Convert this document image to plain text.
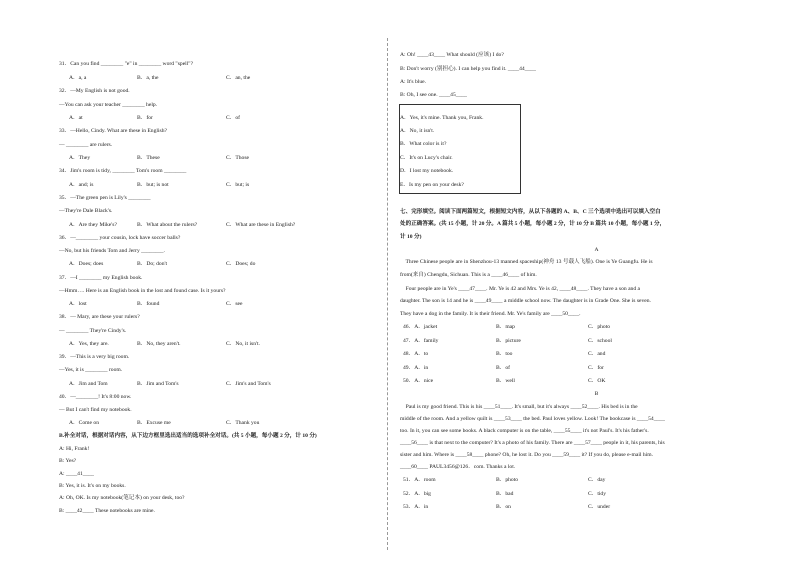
31．Can you find ________ "e" in ________ word "spell"?
A．a, a	B．a, the	C．an, the
32．—My English is not good.
—You can ask your teacher ________ help.
A．at	B．for	C．of
33．—Hello, Cindy. What are these in English?
— ________ are rulers.
A．They	B．These	C．Those
34．Jim's room is tidy, ________ Tom's room ________
A．and; is	B．but; is not	C．but; is
35．—The green pen is Lily's ________
—They're Dale Black's.
A．Are they Mike's?	B．What about the rulers?	C．What are these in English?
36．—________ your cousin, lock have soccer balls?
—No, but his friends Tom and Jerry ________.
A．Does; does	B．Do; don't	C．Does; do
37．—I ________ my English book.
—Hmm…. Here is an English book in the lost and found case. Is it yours?
A．lost	B．found	C．see
38．— Mary, are these your rulers?
— ________ They're Cindy's.
A．Yes, they are.	B．No, they aren't.	C．No, it isn't.
39．—This is a very big room.
—Yes, it is ________ room.
A．Jim and Tom	B．Jim and Tom's	C．Jim's and Tom's
40．—________! It's 8:00 now.
— But I can't find my notebook.
A．Come on	B．Excuse me	C．Thank you
B.补全对话，根据对话内容，从下边方框里选出适当的选项补全对话。(共 5 小题，每小题 2 分，计 10 分)
A: Hi, Frank!
B: Yes?
A: ____41____
B: Yes, it is. It's on my books.
A: Oh, OK. Is my notebook(笔记本) on your desk, too?
B: ____42____ These notebooks are mine.
A: Oh! ____43____ What should (应该) I do?
B: Don't worry (别担心). I can help you find it. ____44____
A: It's blue.
B: Oh, I see one. ____45____
A．Yes, it's mine. Thank you, Frank.
A．No, it isn't.
B．What color is it?
C．It's on Lucy's chair.
D．I lost my notebook.
E．Is my pen on your desk?
七、完形填空。阅读下面两篇短文，根据短文内容，从以下各题的 A、B、C 三个选项中选出可以填入空白
处的正确答案。(共 15 小题，计 20 分。A 篇共 5 小题，每小题 2 分，计 10 分 B 篇共 10 小题，每小题 1 分，
计 10 分)
A
Three Chinese people are in Shenzhou-13 manned spaceship(神舟 13 号载人飞船). One is Ye Guangfu. He is
from(来自) Chengdu, Sichuan. This is a ____46____ of him.
Four people are in Ye's ____47____. Mr. Ye is 42 and Mrs. Ye is 42, ____48____. They have a son and a
daughter. The son is 14 and he is ____49____ a middle school now. The daughter is in Grade One. She is seven.
They have a dog in the family. It is their friend. Mr. Ye's family are ____50____.
46．A．jacket	B．map	C．photo
47．A．family	B．picture	C．school
48．A．to	B．too	C．and
49．A．in	B．of	C．for
50．A．nice	B．well	C．OK
B
Paul is my good friend. This is his ____51____. It's small, but it's always ____52____. His bed is in the
middle of the room. And a yellow quilt is ____53____ the bed. Paul loves yellow. Look! The bookcase is ____54____
too. In it, you can see some books. A black computer is on the table, ____55____ it's not Paul's. It's his father's.
____56____ is that next to the computer? It's a photo of his family. There are ____57____ people in it, his parents, his
sister and him. Where is ____58____ phone? Oh, he lost it. Do you ____59____ it? If you do, please e-mail him.
____60____ PAUL3456@126．com. Thanks a lot.
51．A．room	B．photo	C．day
52．A．big	B．bad	C．tidy
53．A．in	B．on	C．under
